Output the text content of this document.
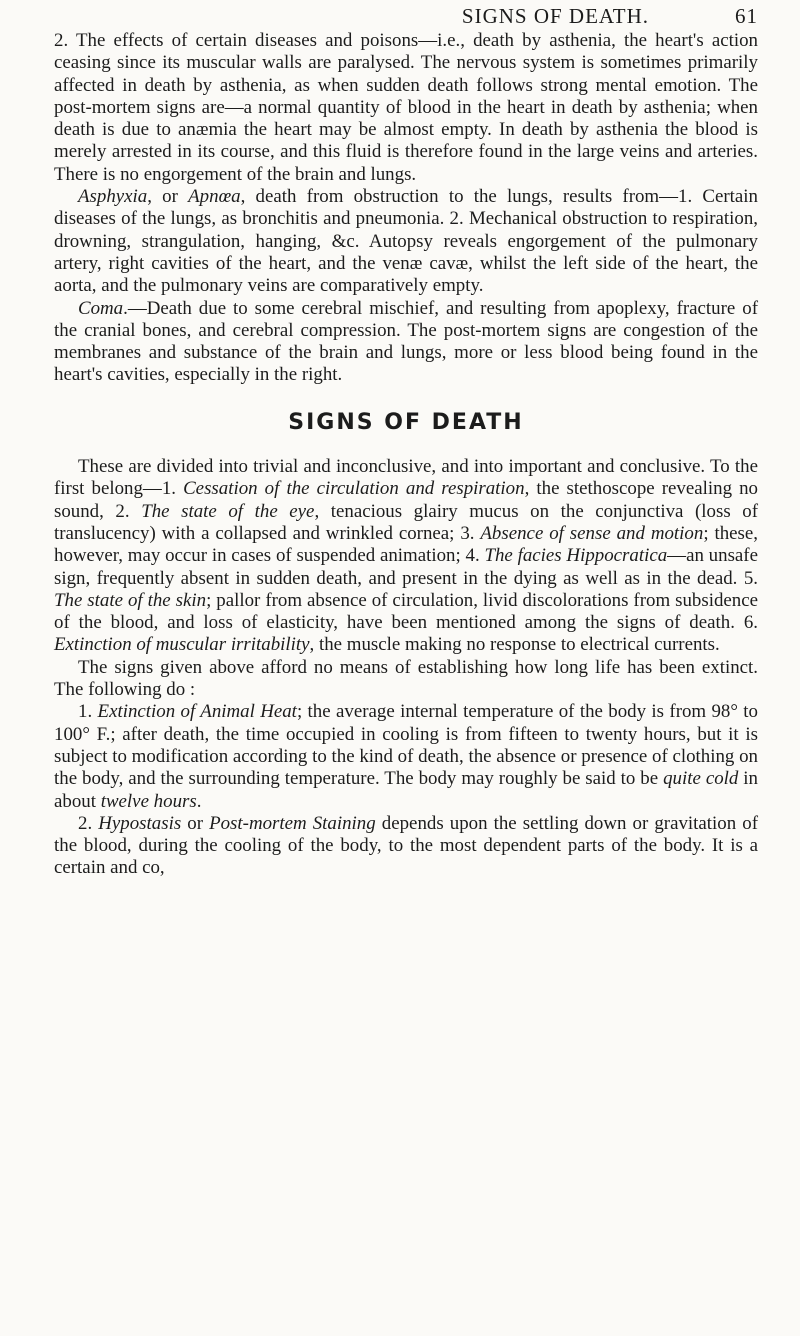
SIGNS OF DEATH.	61

2. The effects of certain diseases and poisons—i.e., death by asthenia, the heart's action ceasing since its muscular walls are paralysed. The nervous system is sometimes primarily affected in death by asthenia, as when sudden death follows strong mental emotion. The post-mortem signs are—a normal quantity of blood in the heart in death by asthenia; when death is due to anæmia the heart may be almost empty. In death by asthenia the blood is merely arrested in its course, and this fluid is therefore found in the large veins and arteries. There is no engorgement of the brain and lungs.

Asphyxia, or Apnœa, death from obstruction to the lungs, results from—1. Certain diseases of the lungs, as bronchitis and pneumonia. 2. Mechanical obstruction to respiration, drowning, strangulation, hanging, &c. Autopsy reveals engorgement of the pulmonary artery, right cavities of the heart, and the venæ cavæ, whilst the left side of the heart, the aorta, and the pulmonary veins are comparatively empty.

Coma.—Death due to some cerebral mischief, and resulting from apoplexy, fracture of the cranial bones, and cerebral compression. The post-mortem signs are congestion of the membranes and substance of the brain and lungs, more or less blood being found in the heart's cavities, especially in the right.

SIGNS OF DEATH

These are divided into trivial and inconclusive, and into important and conclusive. To the first belong—1. Cessation of the circulation and respiration, the stethoscope revealing no sound, 2. The state of the eye, tenacious glairy mucus on the conjunctiva (loss of translucency) with a collapsed and wrinkled cornea; 3. Absence of sense and motion; these, however, may occur in cases of suspended animation; 4. The facies Hippocratica—an unsafe sign, frequently absent in sudden death, and present in the dying as well as in the dead. 5. The state of the skin; pallor from absence of circulation, livid discolorations from subsidence of the blood, and loss of elasticity, have been mentioned among the signs of death. 6. Extinction of muscular irritability, the muscle making no response to electrical currents.

The signs given above afford no means of establishing how long life has been extinct. The following do :

1. Extinction of Animal Heat; the average internal temperature of the body is from 98° to 100° F.; after death, the time occupied in cooling is from fifteen to twenty hours, but it is subject to modification according to the kind of death, the absence or presence of clothing on the body, and the surrounding temperature. The body may roughly be said to be quite cold in about twelve hours.

2. Hypostasis or Post-mortem Staining depends upon the settling down or gravitation of the blood, during the cooling of the body, to the most dependent parts of the body. It is a certain and co,
